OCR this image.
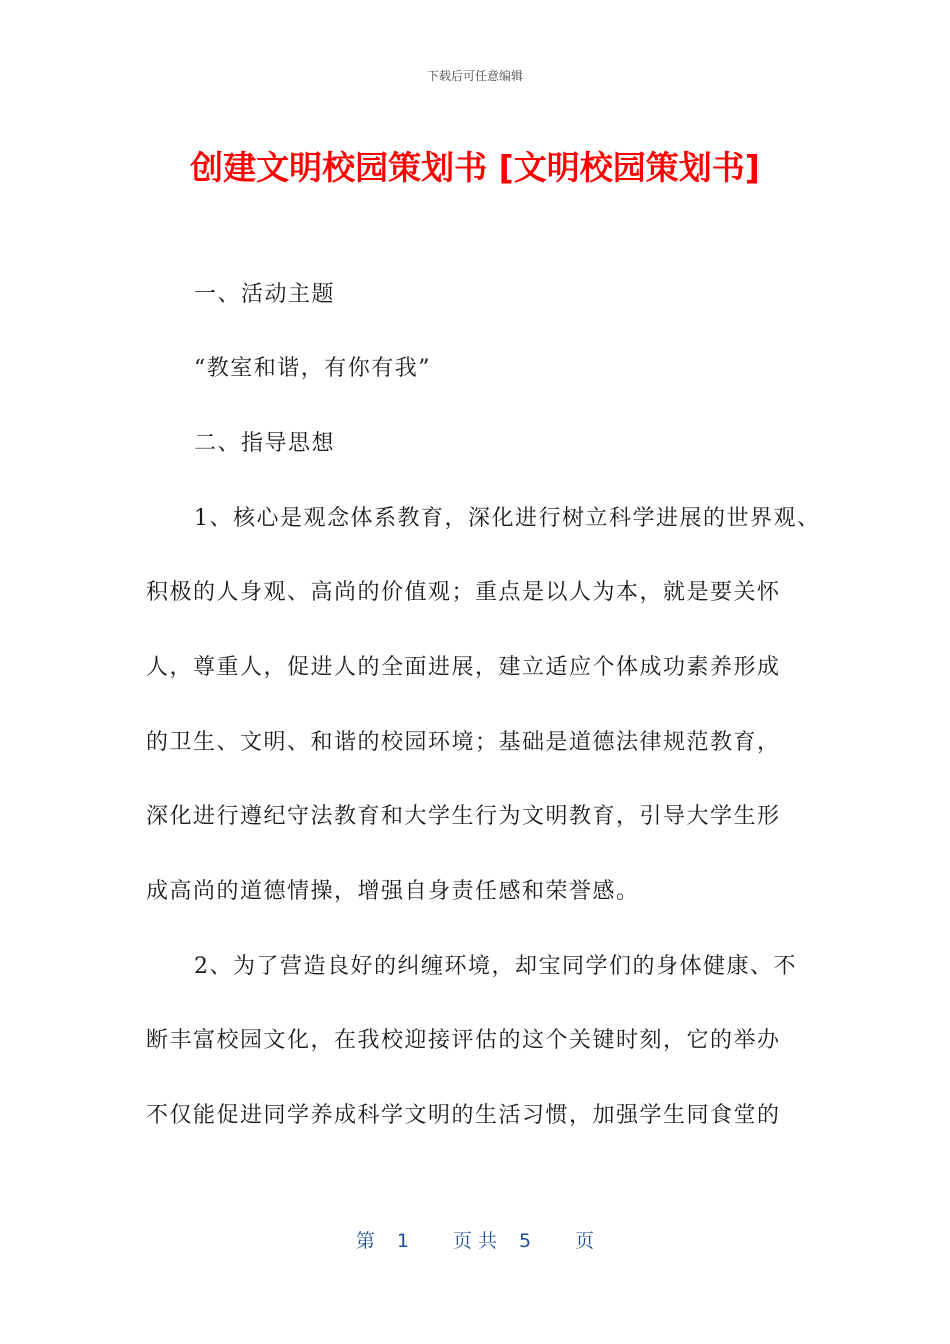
下载后可任意编辑
创建文明校园策划书 [文明校园策划书]
一、活动主题
“教室和谐，有你有我”
二、指导思想
1、核心是观念体系教育，深化进行树立科学进展的世界观、
积极的人身观、高尚的价值观；重点是以人为本，就是要关怀
人，尊重人，促进人的全面进展，建立适应个体成功素养形成
的卫生、文明、和谐的校园环境；基础是道德法律规范教育，
深化进行遵纪守法教育和大学生行为文明教育，引导大学生形
成高尚的道德情操，增强自身责任感和荣誉感。
2、为了营造良好的纠缠环境，却宝同学们的身体健康、不
断丰富校园文化，在我校迎接评估的这个关键时刻，它的举办
不仅能促进同学养成科学文明的生活习惯，加强学生同食堂的
第 1 页 共 5 页
